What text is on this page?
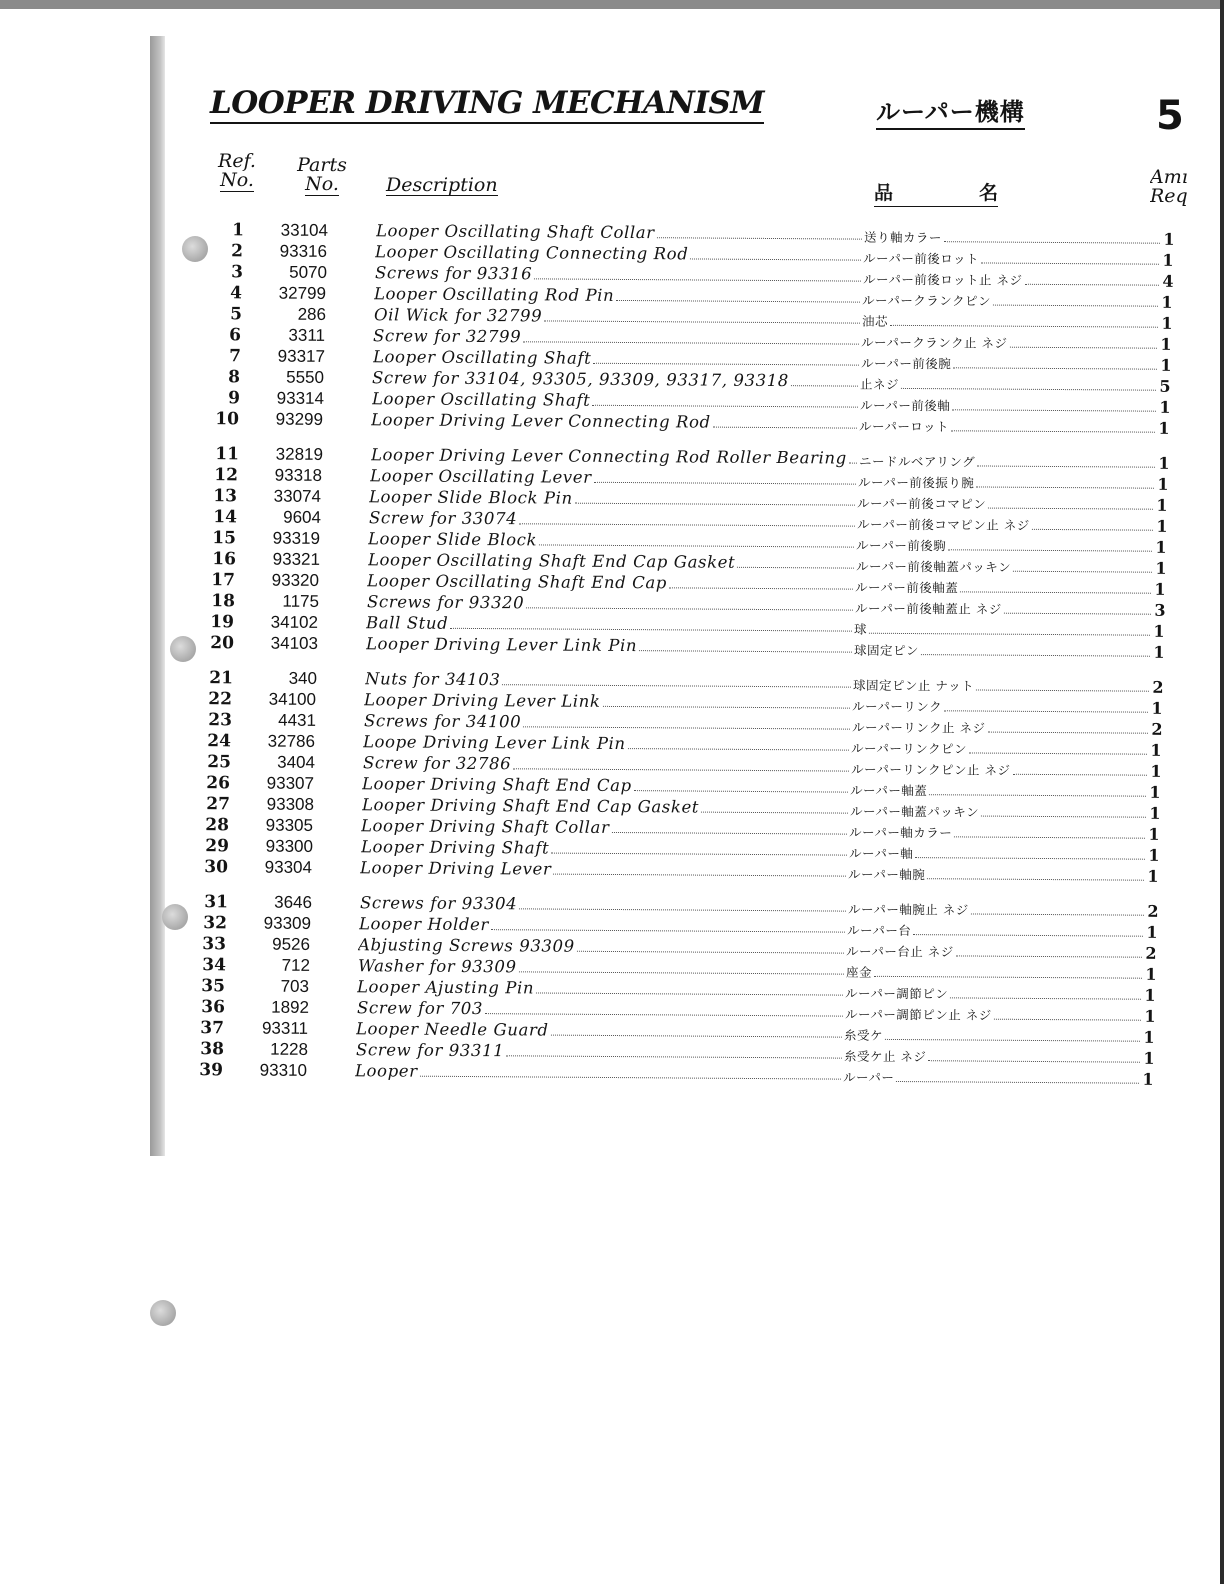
LOOPER DRIVING MECHANISM	ルーパー機構	5
Ref.
No.
Parts
No.	Description	品	名
Amı
Req
1	33104	Looper Oscillating Shaft Collar	送り軸カラー	1
2	93316	Looper Oscillating Connecting Rod	ルーパー前後ロット	1
3	5070	Screws for 93316	ルーパー前後ロット止 ネジ	4
4	32799	Looper Oscillating Rod Pin	ルーパークランクピン	1
5	286	Oil Wick for 32799	油芯	1
6	3311	Screw for 32799	ルーパークランク止 ネジ	1
7	93317	Looper Oscillating Shaft	ルーパー前後腕	1
8	5550	Screw for 33104, 93305, 93309, 93317, 93318	止ネジ	5
9	93314	Looper Oscillating Shaft	ルーパー前後軸	1
10	93299	Looper Driving Lever Connecting Rod	ルーパーロット	1
11	32819	Looper Driving Lever Connecting Rod Roller Bearing ニードルベアリング	1
12	93318	Looper Oscillating Lever	ルーパー前後振り腕	1
13	33074	Looper Slide Block Pin	ルーパー前後コマピン	1
14	9604	Screw for 33074	ルーパー前後コマピン止 ネジ	1
15	93319	Looper Slide Block	ルーパー前後駒	1
16	93321	Looper Oscillating Shaft End Cap Gasket	ルーパー前後軸蓋パッキン	1
17	93320	Looper Oscillating Shaft End Cap	ルーパー前後軸蓋	1
18	1175	Screws for 93320	ルーパー前後軸蓋止 ネジ	3
19	34102	Ball Stud	球	1
20	34103	Looper Driving Lever Link Pin	球固定ピン	1
21	340	Nuts for 34103	球固定ピン止 ナット	2
22	34100	Looper Driving Lever Link	ルーパーリンク	1
23	4431	Screws for 34100	ルーパーリンク止 ネジ	2
24	32786	Loope Driving Lever Link Pin	ルーパーリンクピン	1
25	3404	Screw for 32786	ルーパーリンクピン止 ネジ	1
26	93307	Looper Driving Shaft End Cap	ルーパー軸蓋	1
27	93308	Looper Driving Shaft End Cap Gasket	ルーパー軸蓋パッキン	1
28	93305	Looper Driving Shaft Collar	ルーパー軸カラー	1
29	93300	Looper Driving Shaft	ルーパー軸	1
30	93304	Looper Driving Lever	ルーパー軸腕	1
31	3646	Screws for 93304	ルーパー軸腕止 ネジ	2
32	93309	Looper Holder	ルーパー台	1
33	9526	Abjusting Screws 93309	ルーパー台止 ネジ	2
34	712	Washer for 93309	座金	1
35	703	Looper Ajusting Pin	ルーパー調節ピン	1
36	1892	Screw for 703	ルーパー調節ピン止 ネジ	1
37	93311	Looper Needle Guard	糸受ケ	1
38	1228	Screw for 93311	糸受ケ止 ネジ	1
39	93310	Looper	ルーパー	1
